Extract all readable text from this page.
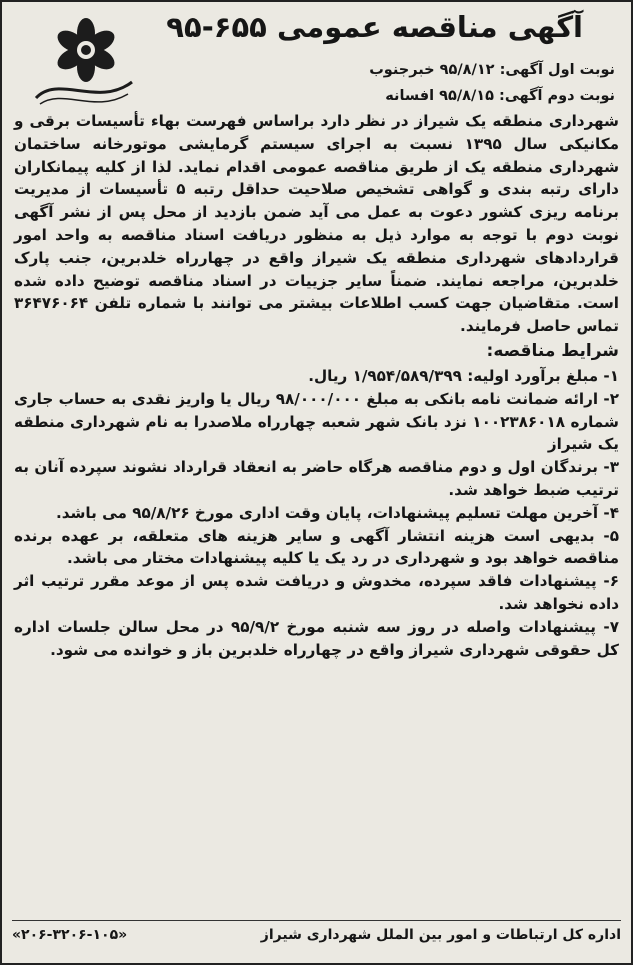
آگهی مناقصه عمومی ۶۵۵-۹۵
نوبت اول آگهی: ۹۵/۸/۱۲ خبرجنوب
نوبت دوم آگهی: ۹۵/۸/۱۵ افسانه

شهرداری منطقه یک شیراز در نظر دارد براساس فهرست بهاء تأسیسات برقی و مکانیکی سال ۱۳۹۵ نسبت به اجرای سیستم گرمایشی موتورخانه ساختمان شهرداری منطقه یک از طریق مناقصه عمومی اقدام نماید. لذا از کلیه پیمانکاران دارای رتبه بندی و گواهی تشخیص صلاحیت حداقل رتبه ۵ تأسیسات از مدیریت برنامه ریزی کشور دعوت به عمل می آید ضمن بازدید از محل پس از نشر آگهی نوبت دوم با توجه به موارد ذیل به منظور دریافت اسناد مناقصه به واحد امور قراردادهای شهرداری منطقه یک شیراز واقع در چهارراه خلدبرین، جنب پارک خلدبرین، مراجعه نمایند. ضمناً سایر جزییات در اسناد مناقصه توضیح داده شده است. متقاضیان جهت کسب اطلاعات بیشتر می توانند با شماره تلفن ۳۶۴۷۶۰۶۴ تماس حاصل فرمایند.

شرایط مناقصه:

۱- مبلغ برآورد اولیه: ۱/۹۵۴/۵۸۹/۳۹۹ ریال.

۲- ارائه ضمانت نامه بانکی به مبلغ ۹۸/۰۰۰/۰۰۰ ریال یا واریز نقدی به حساب جاری شماره ۱۰۰۲۳۸۶۰۱۸ نزد بانک شهر شعبه چهارراه ملاصدرا به نام شهرداری منطقه یک شیراز

۳- برندگان اول و دوم مناقصه هرگاه حاضر به انعقاد قرارداد نشوند سپرده آنان به ترتیب ضبط خواهد شد.

۴- آخرین مهلت تسلیم پیشنهادات، پایان وقت اداری مورخ ۹۵/۸/۲۶ می باشد.

۵- بدیهی است هزینه انتشار آگهی و سایر هزینه های متعلقه، بر عهده برنده مناقصه خواهد بود و شهرداری در رد یک یا کلیه پیشنهادات مختار می باشد.

۶- پیشنهادات فاقد سپرده، مخدوش و دریافت شده پس از موعد مقرر ترتیب اثر داده نخواهد شد.

۷- پیشنهادات واصله در روز سه شنبه مورخ ۹۵/۹/۲ در محل سالن جلسات اداره کل حقوقی شهرداری شیراز واقع در چهارراه خلدبرین باز و خوانده می شود.

اداره کل ارتباطات و امور بین الملل شهرداری شیراز
«۲۰۶-۳۲۰۶-۱۰۵»
